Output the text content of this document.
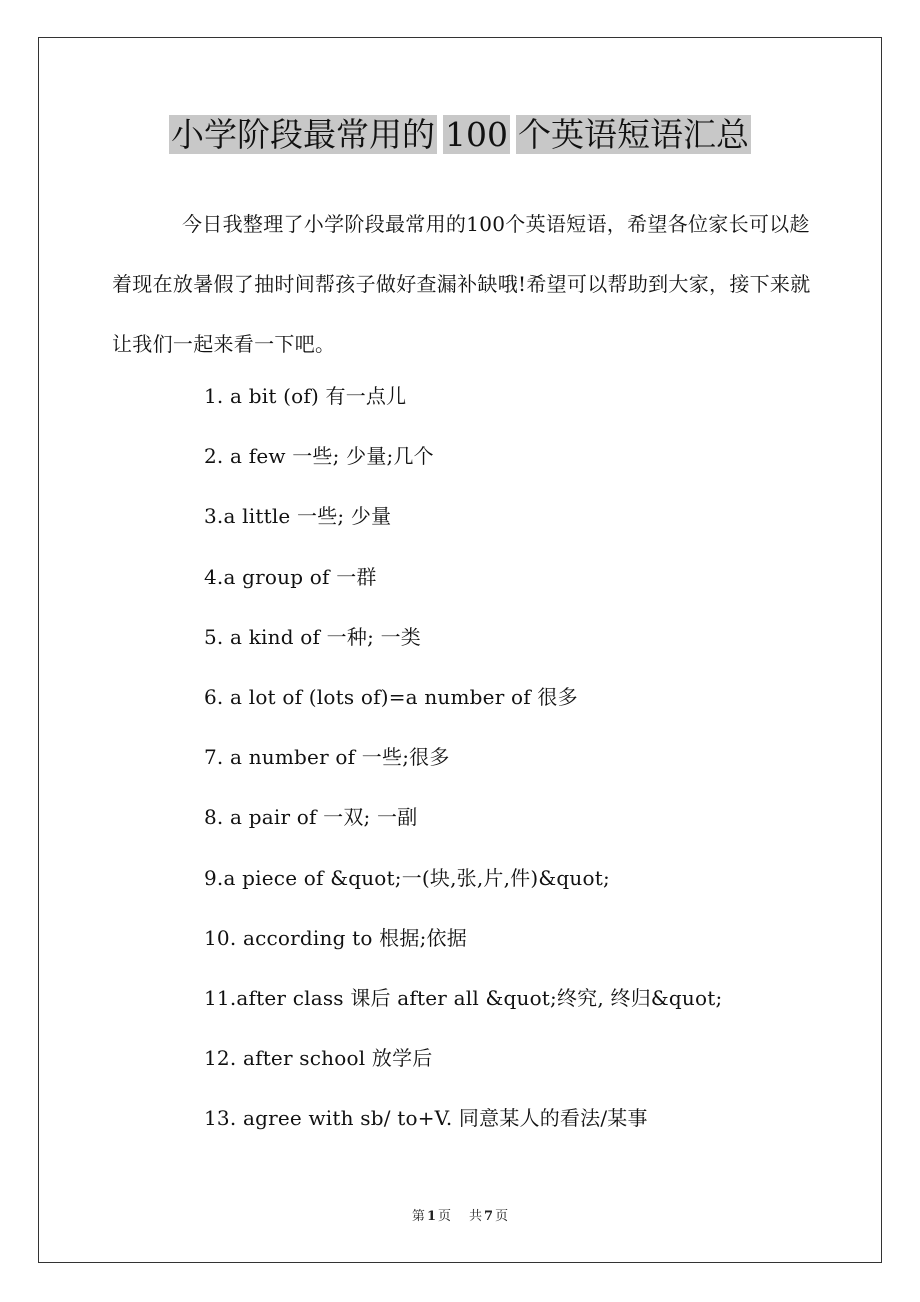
小学阶段最常用的 100 个英语短语汇总

今日我整理了小学阶段最常用的100个英语短语，希望各位家长可以趁着现在放暑假了抽时间帮孩子做好查漏补缺哦!希望可以帮助到大家，接下来就让我们一起来看一下吧。

1. a bit (of) 有一点儿
2. a few 一些; 少量;几个
3.a little 一些; 少量
4.a group of 一群
5. a kind of 一种; 一类
6. a lot of (lots of)=a number of 很多
7. a number of 一些;很多
8. a pair of 一双; 一副
9.a piece of &quot;一(块,张,片,件)&quot;
10. according to 根据;依据
11.after class 课后 after all &quot;终究, 终归&quot;
12. after school 放学后
13. agree with sb/ to+V. 同意某人的看法/某事
第 1 页 共 7 页
